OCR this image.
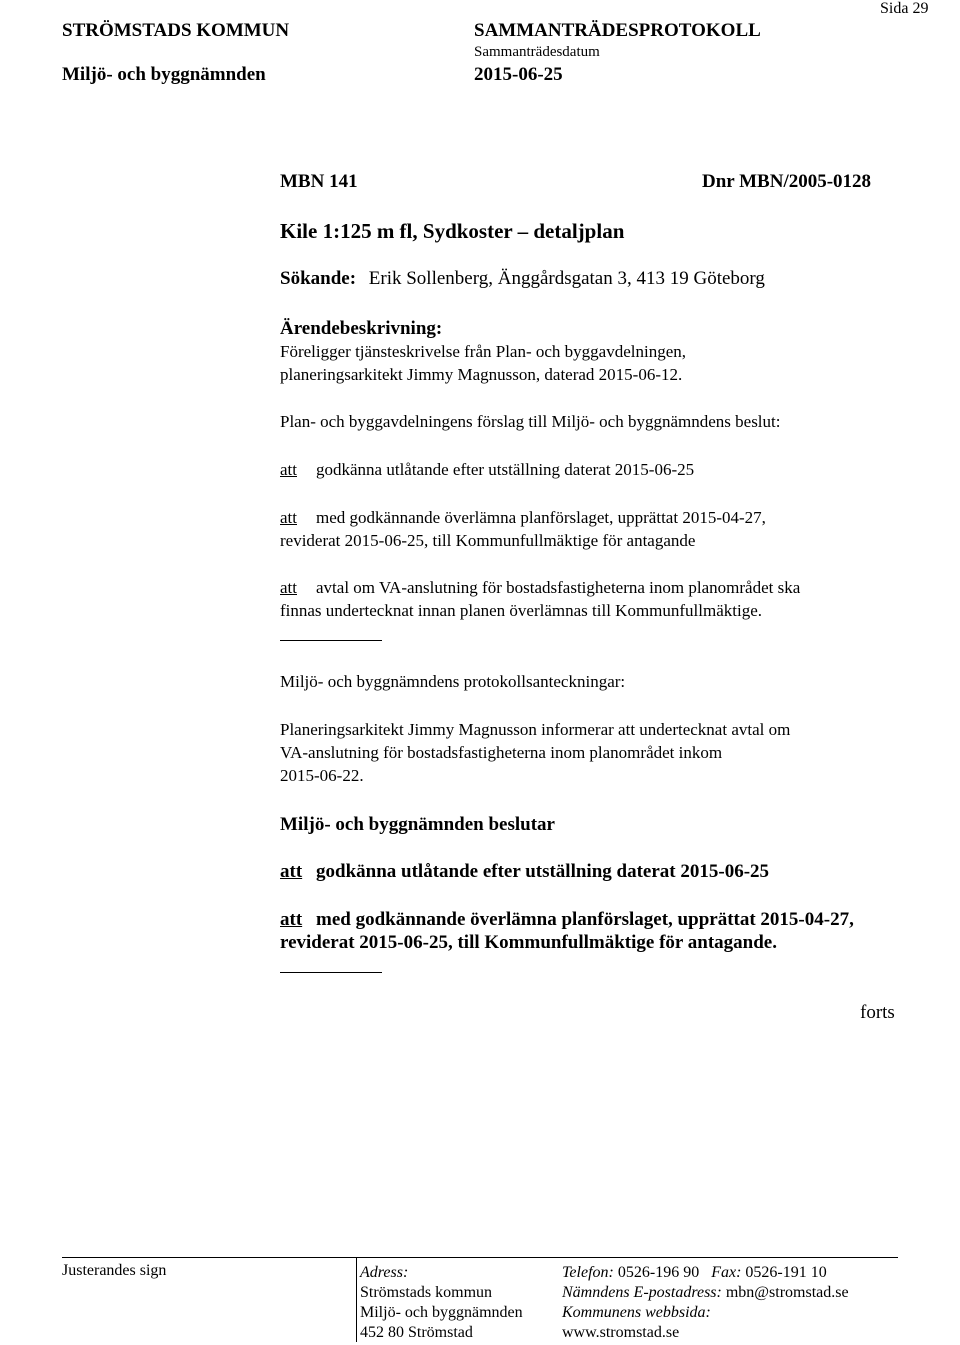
STRÖMSTADS KOMMUN
Miljö- och byggnämnden
SAMMANTRÄDESPROTOKOLL
Sammanträdesdatum
2015-06-25
Sida 29
MBN 141	Dnr MBN/2005-0128
Kile 1:125 m fl, Sydkoster – detaljplan
Sökande: Erik Sollenberg, Änggårdsgatan 3, 413 19 Göteborg
Ärendebeskrivning:
Föreligger tjänsteskrivelse från Plan- och byggavdelningen,
planeringsarkitekt Jimmy Magnusson, daterad 2015-06-12.
Plan- och byggavdelningens förslag till Miljö- och byggnämndens beslut:
att godkänna utlåtande efter utställning daterat 2015-06-25
att med godkännande överlämna planförslaget, upprättat 2015-04-27,
reviderat 2015-06-25, till Kommunfullmäktige för antagande
att avtal om VA-anslutning för bostadsfastigheterna inom planområdet ska
finnas undertecknat innan planen överlämnas till Kommunfullmäktige.
Miljö- och byggnämndens protokollsanteckningar:
Planeringsarkitekt Jimmy Magnusson informerar att undertecknat avtal om
VA-anslutning för bostadsfastigheterna inom planområdet inkom
2015-06-22.
Miljö- och byggnämnden beslutar
att godkänna utlåtande efter utställning daterat 2015-06-25
att med godkännande överlämna planförslaget, upprättat 2015-04-27,
reviderat 2015-06-25, till Kommunfullmäktige för antagande.
forts
Justerandes sign	Adress:
Strömstads kommun
Miljö- och byggnämnden
452 80 Strömstad
Telefon: 0526-196 90 Fax: 0526-191 10
Nämndens E-postadress: mbn@stromstad.se
Kommunens webbsida:
www.stromstad.se
